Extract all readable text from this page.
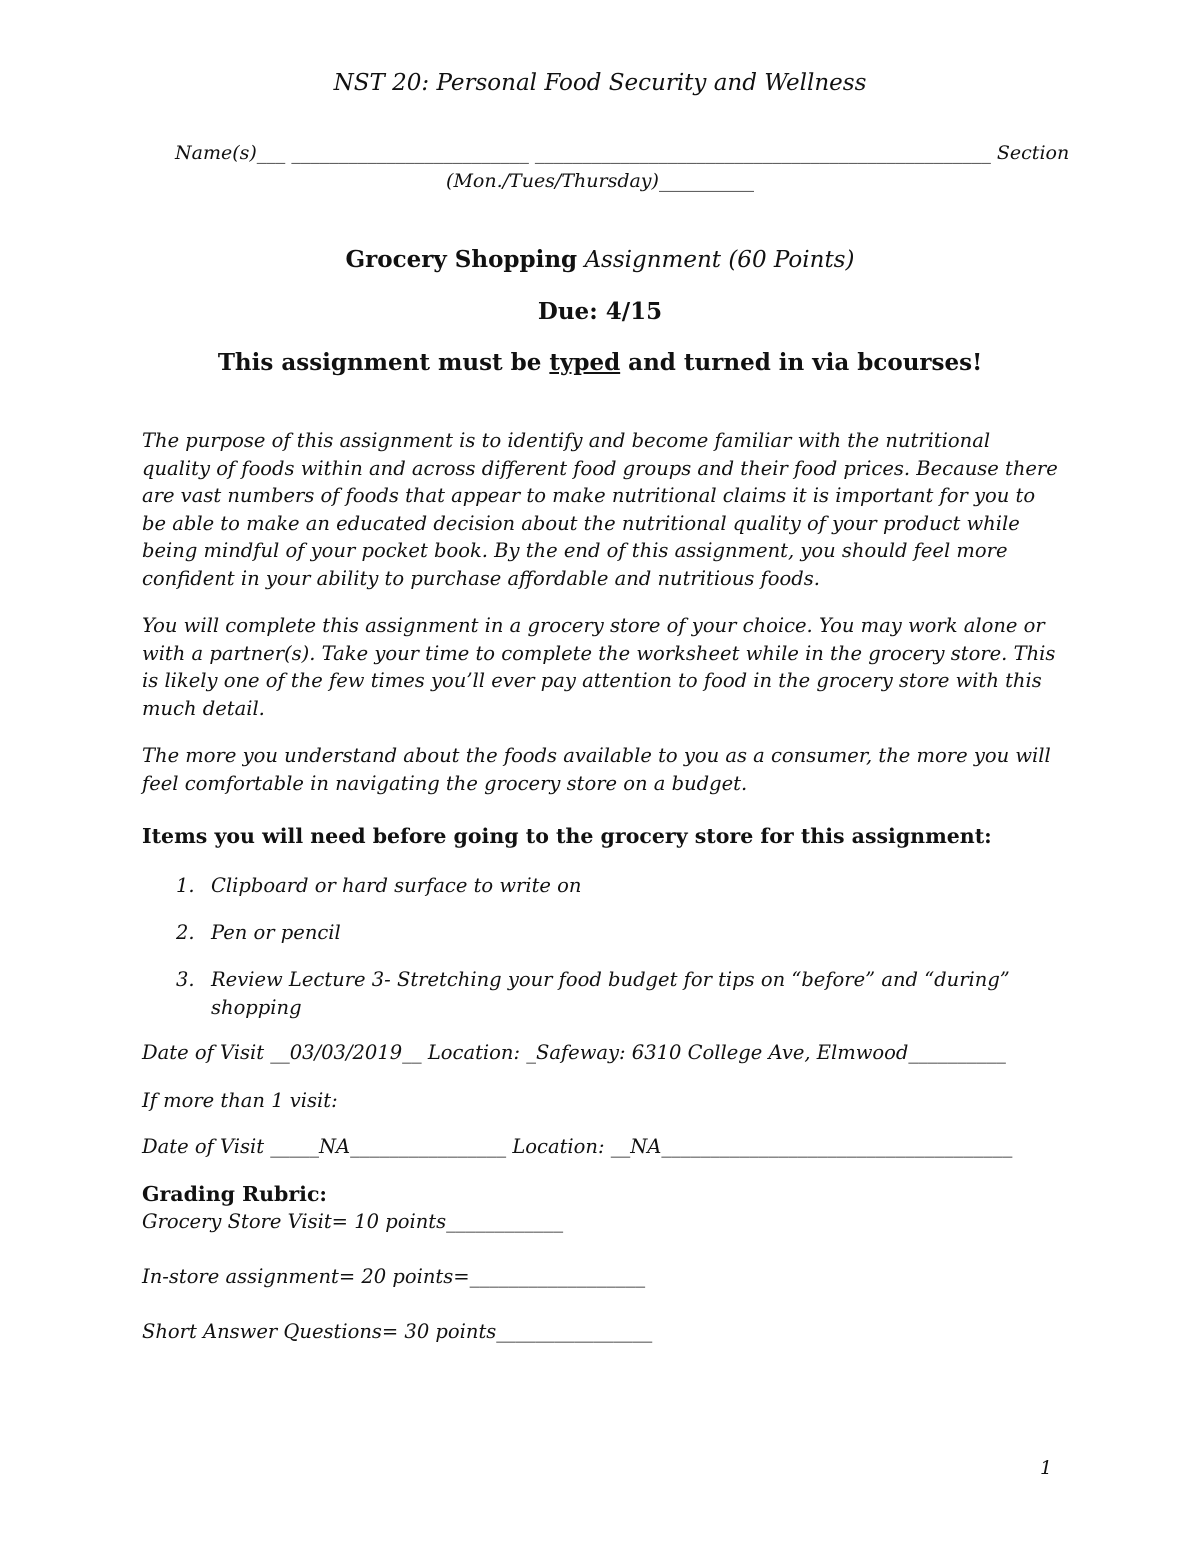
NST 20: Personal Food Security and Wellness
Name(s)___ _________________________ ________________________________________________ Section
(Mon./Tues/Thursday)__________
Grocery Shopping Assignment (60 Points)
Due: 4/15
This assignment must be typed and turned in via bcourses!
The purpose of this assignment is to identify and become familiar with the nutritional quality of foods within and across different food groups and their food prices. Because there are vast numbers of foods that appear to make nutritional claims it is important for you to be able to make an educated decision about the nutritional quality of your product while being mindful of your pocket book. By the end of this assignment, you should feel more confident in your ability to purchase affordable and nutritious foods.
You will complete this assignment in a grocery store of your choice. You may work alone or with a partner(s). Take your time to complete the worksheet while in the grocery store. This is likely one of the few times you’ll ever pay attention to food in the grocery store with this much detail.
The more you understand about the foods available to you as a consumer, the more you will feel comfortable in navigating the grocery store on a budget.
Items you will need before going to the grocery store for this assignment:
1. Clipboard or hard surface to write on
2. Pen or pencil
3. Review Lecture 3- Stretching your food budget for tips on “before” and “during” shopping
Date of Visit __03/03/2019__ Location: _Safeway: 6310 College Ave, Elmwood__________
If more than 1 visit:
Date of Visit _____NA________________ Location: __NA____________________________________
Grading Rubric:
Grocery Store Visit= 10 points____________
In-store assignment= 20 points=__________________
Short Answer Questions= 30 points________________
1
